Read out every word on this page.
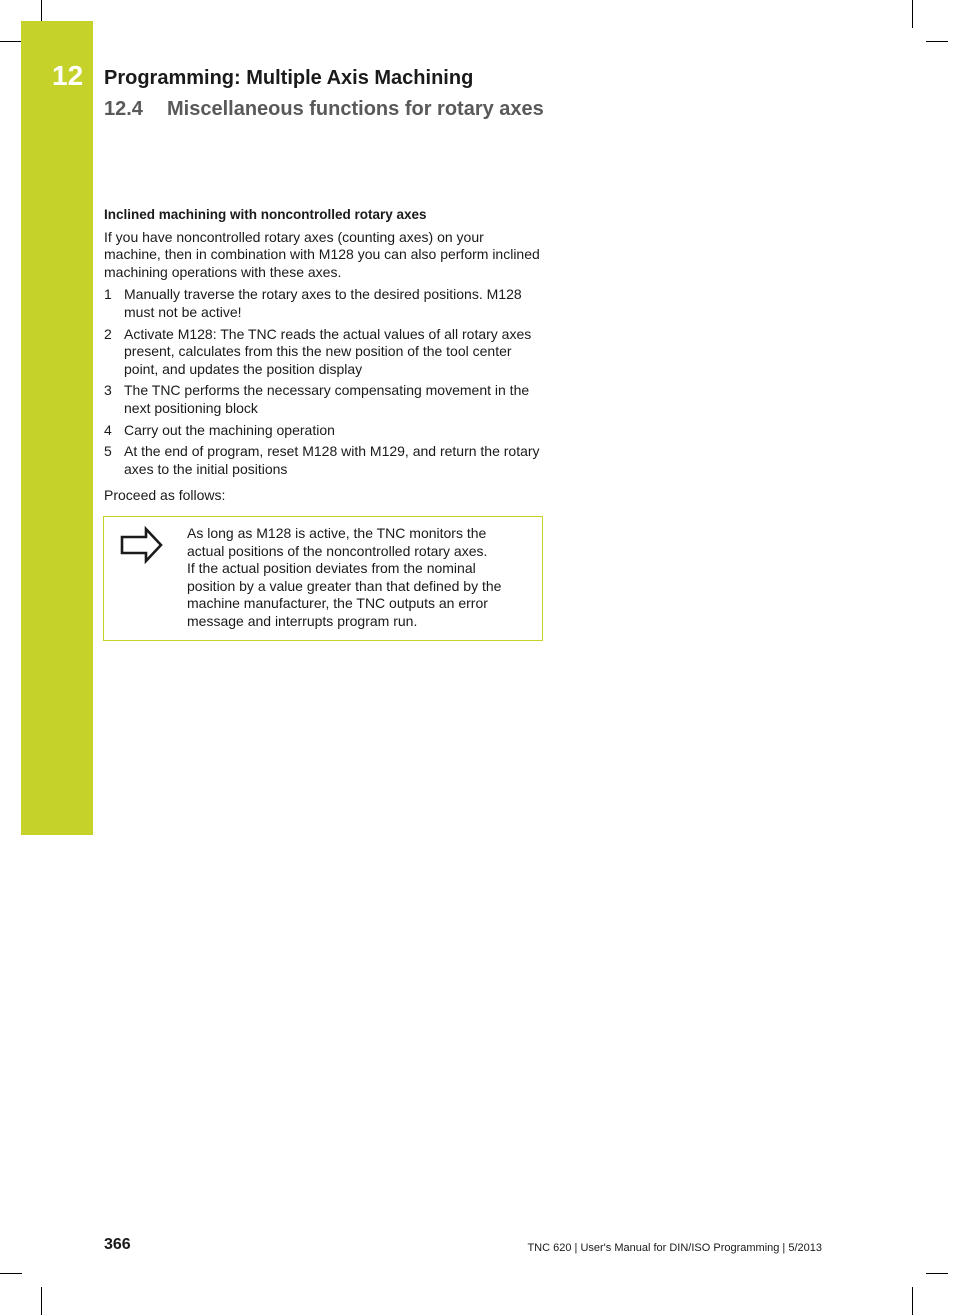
12 Programming: Multiple Axis Machining
12.4 Miscellaneous functions for rotary axes

Inclined machining with noncontrolled rotary axes

If you have noncontrolled rotary axes (counting axes) on your machine, then in combination with M128 you can also perform inclined machining operations with these axes.

1 Manually traverse the rotary axes to the desired positions. M128 must not be active!
2 Activate M128: The TNC reads the actual values of all rotary axes present, calculates from this the new position of the tool center point, and updates the position display
3 The TNC performs the necessary compensating movement in the next positioning block
4 Carry out the machining operation
5 At the end of program, reset M128 with M129, and return the rotary axes to the initial positions

Proceed as follows:

As long as M128 is active, the TNC monitors the actual positions of the noncontrolled rotary axes.

If the actual position deviates from the nominal position by a value greater than that defined by the machine manufacturer, the TNC outputs an error message and interrupts program run.

366	TNC 620 | User's Manual for DIN/ISO Programming | 5/2013
